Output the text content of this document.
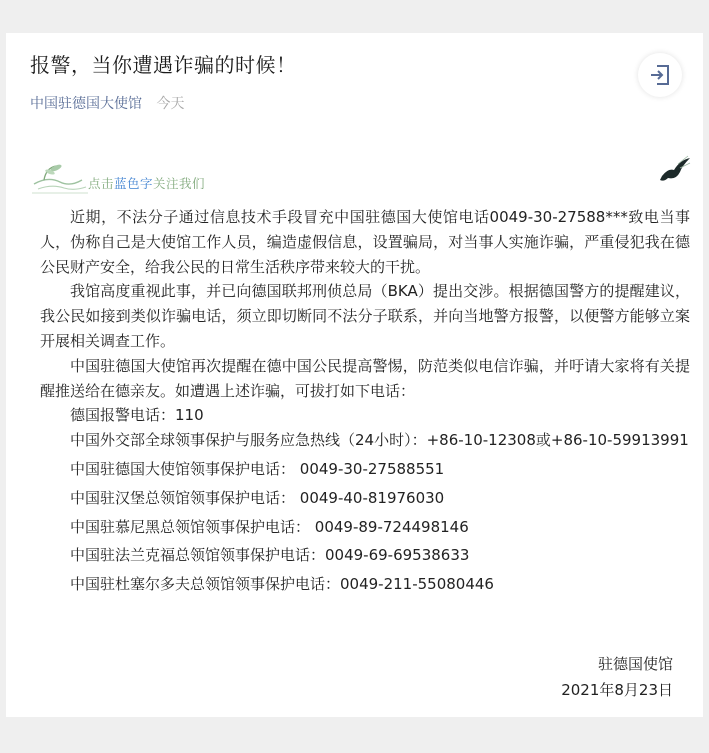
报警，当你遭遇诈骗的时候！
中国驻德国大使馆 今天
点击蓝色字关注我们

近期，不法分子通过信息技术手段冒充中国驻德国大使馆电话0049-30-27588***致电当事人，伪称自己是大使馆工作人员，编造虚假信息，设置骗局，对当事人实施诈骗，严重侵犯我在德公民财产安全，给我公民的日常生活秩序带来较大的干扰。

我馆高度重视此事，并已向德国联邦刑侦总局（BKA）提出交涉。根据德国警方的提醒建议，我公民如接到类似诈骗电话，须立即切断同不法分子联系，并向当地警方报警，以便警方能够立案开展相关调查工作。

中国驻德国大使馆再次提醒在德中国公民提高警惕，防范类似电信诈骗，并吁请大家将有关提醒推送给在德亲友。如遭遇上述诈骗，可拔打如下电话：

德国报警电话：110

中国外交部全球领事保护与服务应急热线（24小时）：+86-10-12308或+86-10-59913991

中国驻德国大使馆领事保护电话： 0049-30-27588551

中国驻汉堡总领馆领事保护电话： 0049-40-81976030

中国驻慕尼黑总领馆领事保护电话： 0049-89-724498146

中国驻法兰克福总领馆领事保护电话：0049-69-69538633

中国驻杜塞尔多夫总领馆领事保护电话：0049-211-55080446

驻德国使馆
2021年8月23日
